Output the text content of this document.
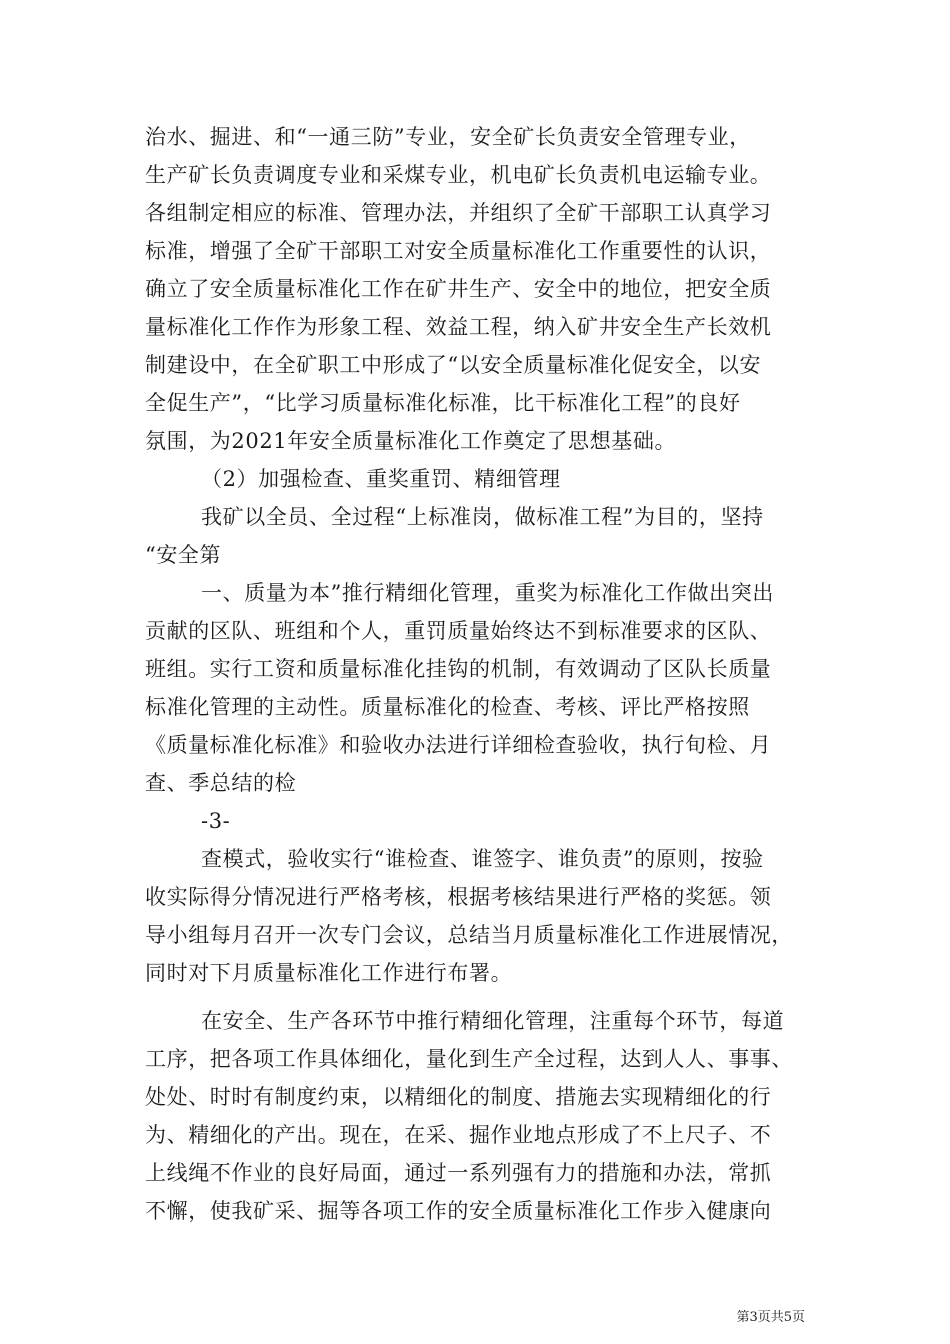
治水、掘进、和“一通三防”专业，安全矿长负责安全管理专业，
生产矿长负责调度专业和采煤专业，机电矿长负责机电运输专业。
各组制定相应的标准、管理办法，并组织了全矿干部职工认真学习
标准，增强了全矿干部职工对安全质量标准化工作重要性的认识，
确立了安全质量标准化工作在矿井生产、安全中的地位，把安全质
量标准化工作作为形象工程、效益工程，纳入矿井安全生产长效机
制建设中，在全矿职工中形成了“以安全质量标准化促安全，以安
全促生产”，“比学习质量标准化标准，比干标准化工程”的良好
氛围，为2021年安全质量标准化工作奠定了思想基础。
（2）加强检查、重奖重罚、精细管理
我矿以全员、全过程“上标准岗，做标准工程”为目的，坚持
“安全第
一、质量为本”推行精细化管理，重奖为标准化工作做出突出
贡献的区队、班组和个人，重罚质量始终达不到标准要求的区队、
班组。实行工资和质量标准化挂钩的机制，有效调动了区队长质量
标准化管理的主动性。质量标准化的检查、考核、评比严格按照
《质量标准化标准》和验收办法进行详细检查验收，执行旬检、月
查、季总结的检
-3-
查模式，验收实行“谁检查、谁签字、谁负责”的原则，按验
收实际得分情况进行严格考核，根据考核结果进行严格的奖惩。领
导小组每月召开一次专门会议，总结当月质量标准化工作进展情况，
同时对下月质量标准化工作进行布署。
在安全、生产各环节中推行精细化管理，注重每个环节，每道
工序，把各项工作具体细化，量化到生产全过程，达到人人、事事、
处处、时时有制度约束，以精细化的制度、措施去实现精细化的行
为、精细化的产出。现在，在采、掘作业地点形成了不上尺子、不
上线绳不作业的良好局面，通过一系列强有力的措施和办法，常抓
不懈，使我矿采、掘等各项工作的安全质量标准化工作步入健康向
第3页共5页
